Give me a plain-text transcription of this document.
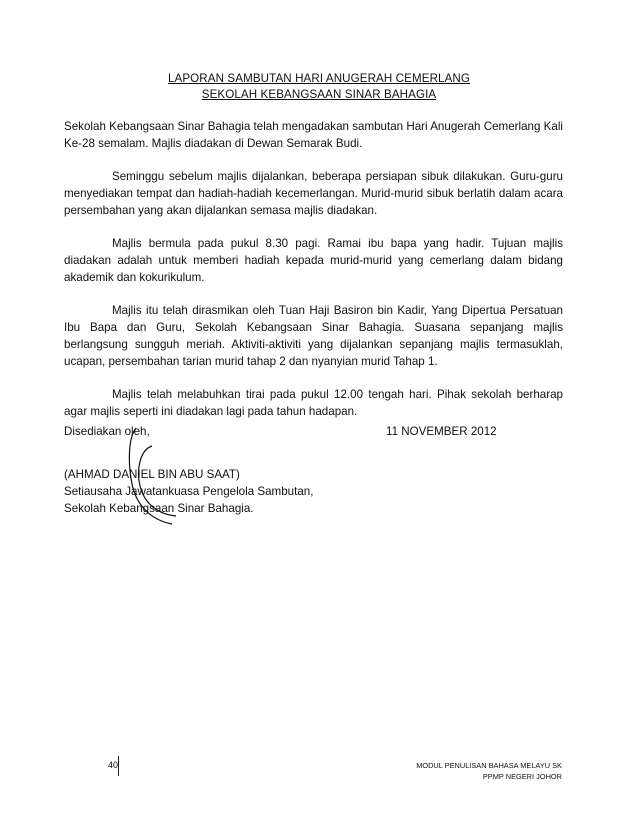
LAPORAN SAMBUTAN HARI ANUGERAH CEMERLANG
SEKOLAH KEBANGSAAN SINAR BAHAGIA

Sekolah Kebangsaan Sinar Bahagia telah mengadakan sambutan Hari Anugerah Cemerlang Kali Ke-28 semalam. Majlis diadakan di Dewan Semarak Budi.

Seminggu sebelum majlis dijalankan, beberapa persiapan sibuk dilakukan. Guru-guru menyediakan tempat dan hadiah-hadiah kecemerlangan. Murid-murid sibuk berlatih dalam acara persembahan yang akan dijalankan semasa majlis diadakan.

Majlis bermula pada pukul 8.30 pagi. Ramai ibu bapa yang hadir. Tujuan majlis diadakan adalah untuk memberi hadiah kepada murid-murid yang cemerlang dalam bidang akademik dan kokurikulum.

Majlis itu telah dirasmikan oleh Tuan Haji Basiron bin Kadir, Yang Dipertua Persatuan Ibu Bapa dan Guru, Sekolah Kebangsaan Sinar Bahagia. Suasana sepanjang majlis berlangsung sungguh meriah. Aktiviti-aktiviti yang dijalankan sepanjang majlis termasuklah, ucapan, persembahan tarian murid tahap 2 dan nyanyian murid Tahap 1.

Majlis telah melabuhkan tirai pada pukul 12.00 tengah hari. Pihak sekolah berharap agar majlis seperti ini diadakan lagi pada tahun hadapan.

Disediakan oleh,	11 NOVEMBER 2012
(AHMAD DANIEL BIN ABU SAAT)
Setiausaha Jawatankuasa Pengelola Sambutan,
Sekolah Kebangsaan Sinar Bahagia.
40	MODUL PENULISAN BAHASA MELAYU SK
PPMP NEGERI JOHOR
